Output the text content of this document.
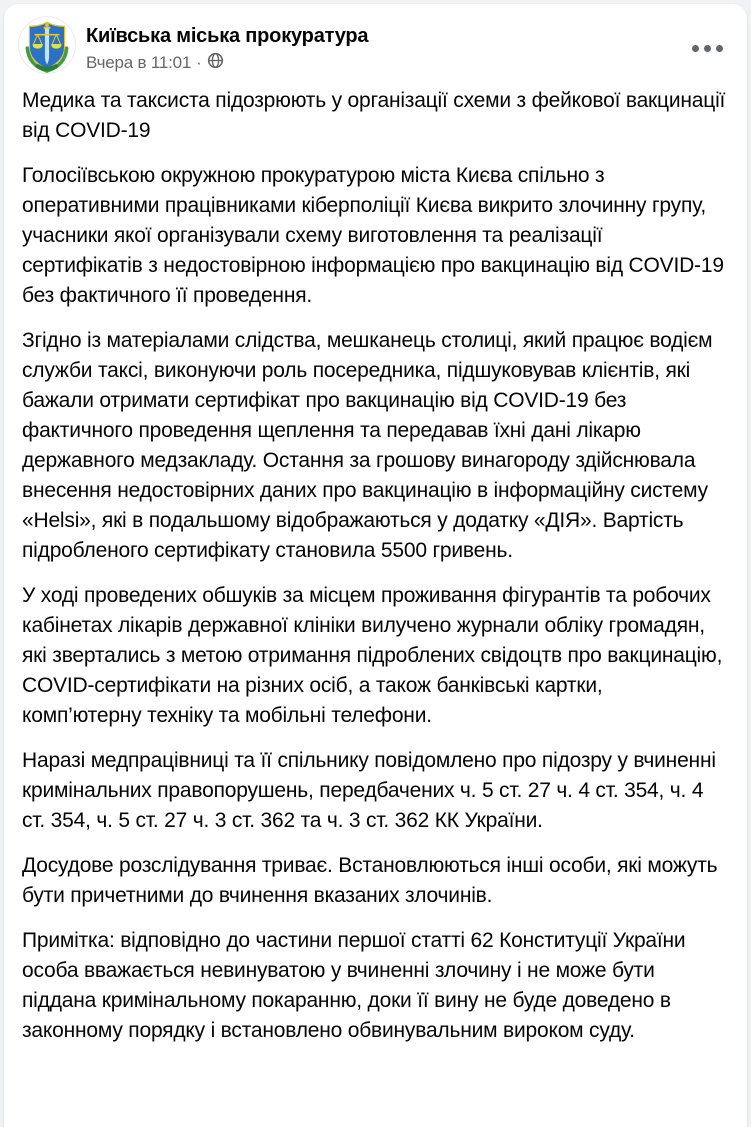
Київська міська прокуратура
Вчера в 11:01 ·

Медика та таксиста підозрюють у організації схеми з фейкової вакцинації від COVID-19

Голосіївською окружною прокуратурою міста Києва спільно з оперативними працівниками кіберполіції Києва викрито злочинну групу, учасники якої організували схему виготовлення та реалізації сертифікатів з недостовірною інформацією про вакцинацію від COVID-19 без фактичного її проведення.

Згідно із матеріалами слідства, мешканець столиці, який працює водієм служби таксі, виконуючи роль посередника, підшуковував клієнтів, які бажали отримати сертифікат про вакцинацію від COVID-19 без фактичного проведення щеплення та передавав їхні дані лікарю державного медзакладу. Остання за грошову винагороду здійснювала внесення недостовірних даних про вакцинацію в інформаційну систему «Helsi», які в подальшому відображаються у додатку «ДІЯ». Вартість підробленого сертифікату становила 5500 гривень.

У ході проведених обшуків за місцем проживання фігурантів та робочих кабінетах лікарів державної клініки вилучено журнали обліку громадян, які звертались з метою отримання підроблених свідоцтв про вакцинацію, COVID-сертифікати на різних осіб, а також банківські картки, комп’ютерну техніку та мобільні телефони.

Наразі медпрацівниці та її спільнику повідомлено про підозру у вчиненні кримінальних правопорушень, передбачених ч. 5 ст. 27 ч. 4 ст. 354, ч. 4 ст. 354, ч. 5 ст. 27 ч. 3 ст. 362 та ч. 3 ст. 362 КК України.

Досудове розслідування триває. Встановлюються інші особи, які можуть бути причетними до вчинення вказаних злочинів.

Примітка: відповідно до частини першої статті 62 Конституції України особа вважається невинуватою у вчиненні злочину і не може бути піддана кримінальному покаранню, доки її вину не буде доведено в законному порядку і встановлено обвинувальним вироком суду.
